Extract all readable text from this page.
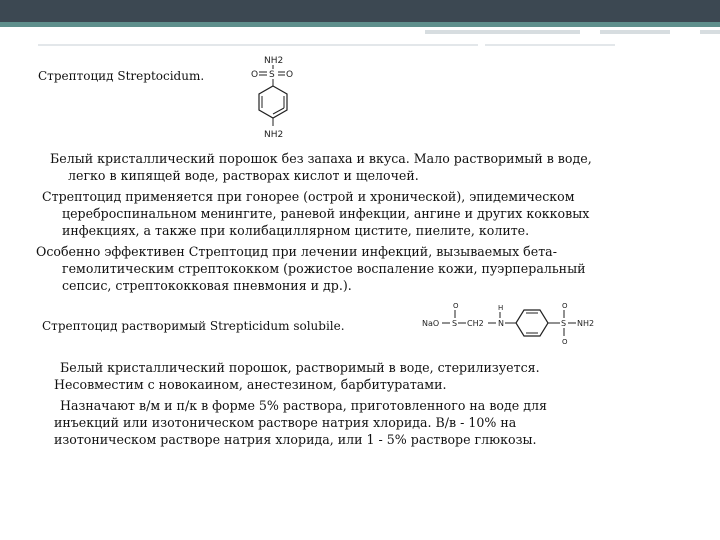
Стрептоцид Streptocidum.
NH2
S
O	O
NH2
Белый кристаллический порошок без запаха и вкуса. Мало растворимый в воде,
легко в кипящей воде, растворах кислот и щелочей.
Стрептоцид применяется при гонорее (острой и хронической), эпидемическом
цереброспинальном менингите, раневой инфекции, ангине и других кокковых
инфекциях, а также при колибациллярном цистите, пиелите, колите.
Особенно эффективен Стрептоцид при лечении инфекций, вызываемых бета-
гемолитическим стрептококком (рожистое воспаление кожи, пуэрперальный
сепсис, стрептококковая пневмония и др.).
Стрептоцид растворимый Strepticidum solubile.	NaO S
O
CH2 N
H
S
O
O
NH2
Белый кристаллический порошок, растворимый в воде, стерилизуется.
Несовместим с новокаином, анестезином, барбитуратами.
Назначают в/м и п/к в форме 5% раствора, приготовленного на воде для
инъекций или изотоническом растворе натрия хлорида. В/в - 10% на
изотоническом растворе натрия хлорида, или 1 - 5% растворе глюкозы.
